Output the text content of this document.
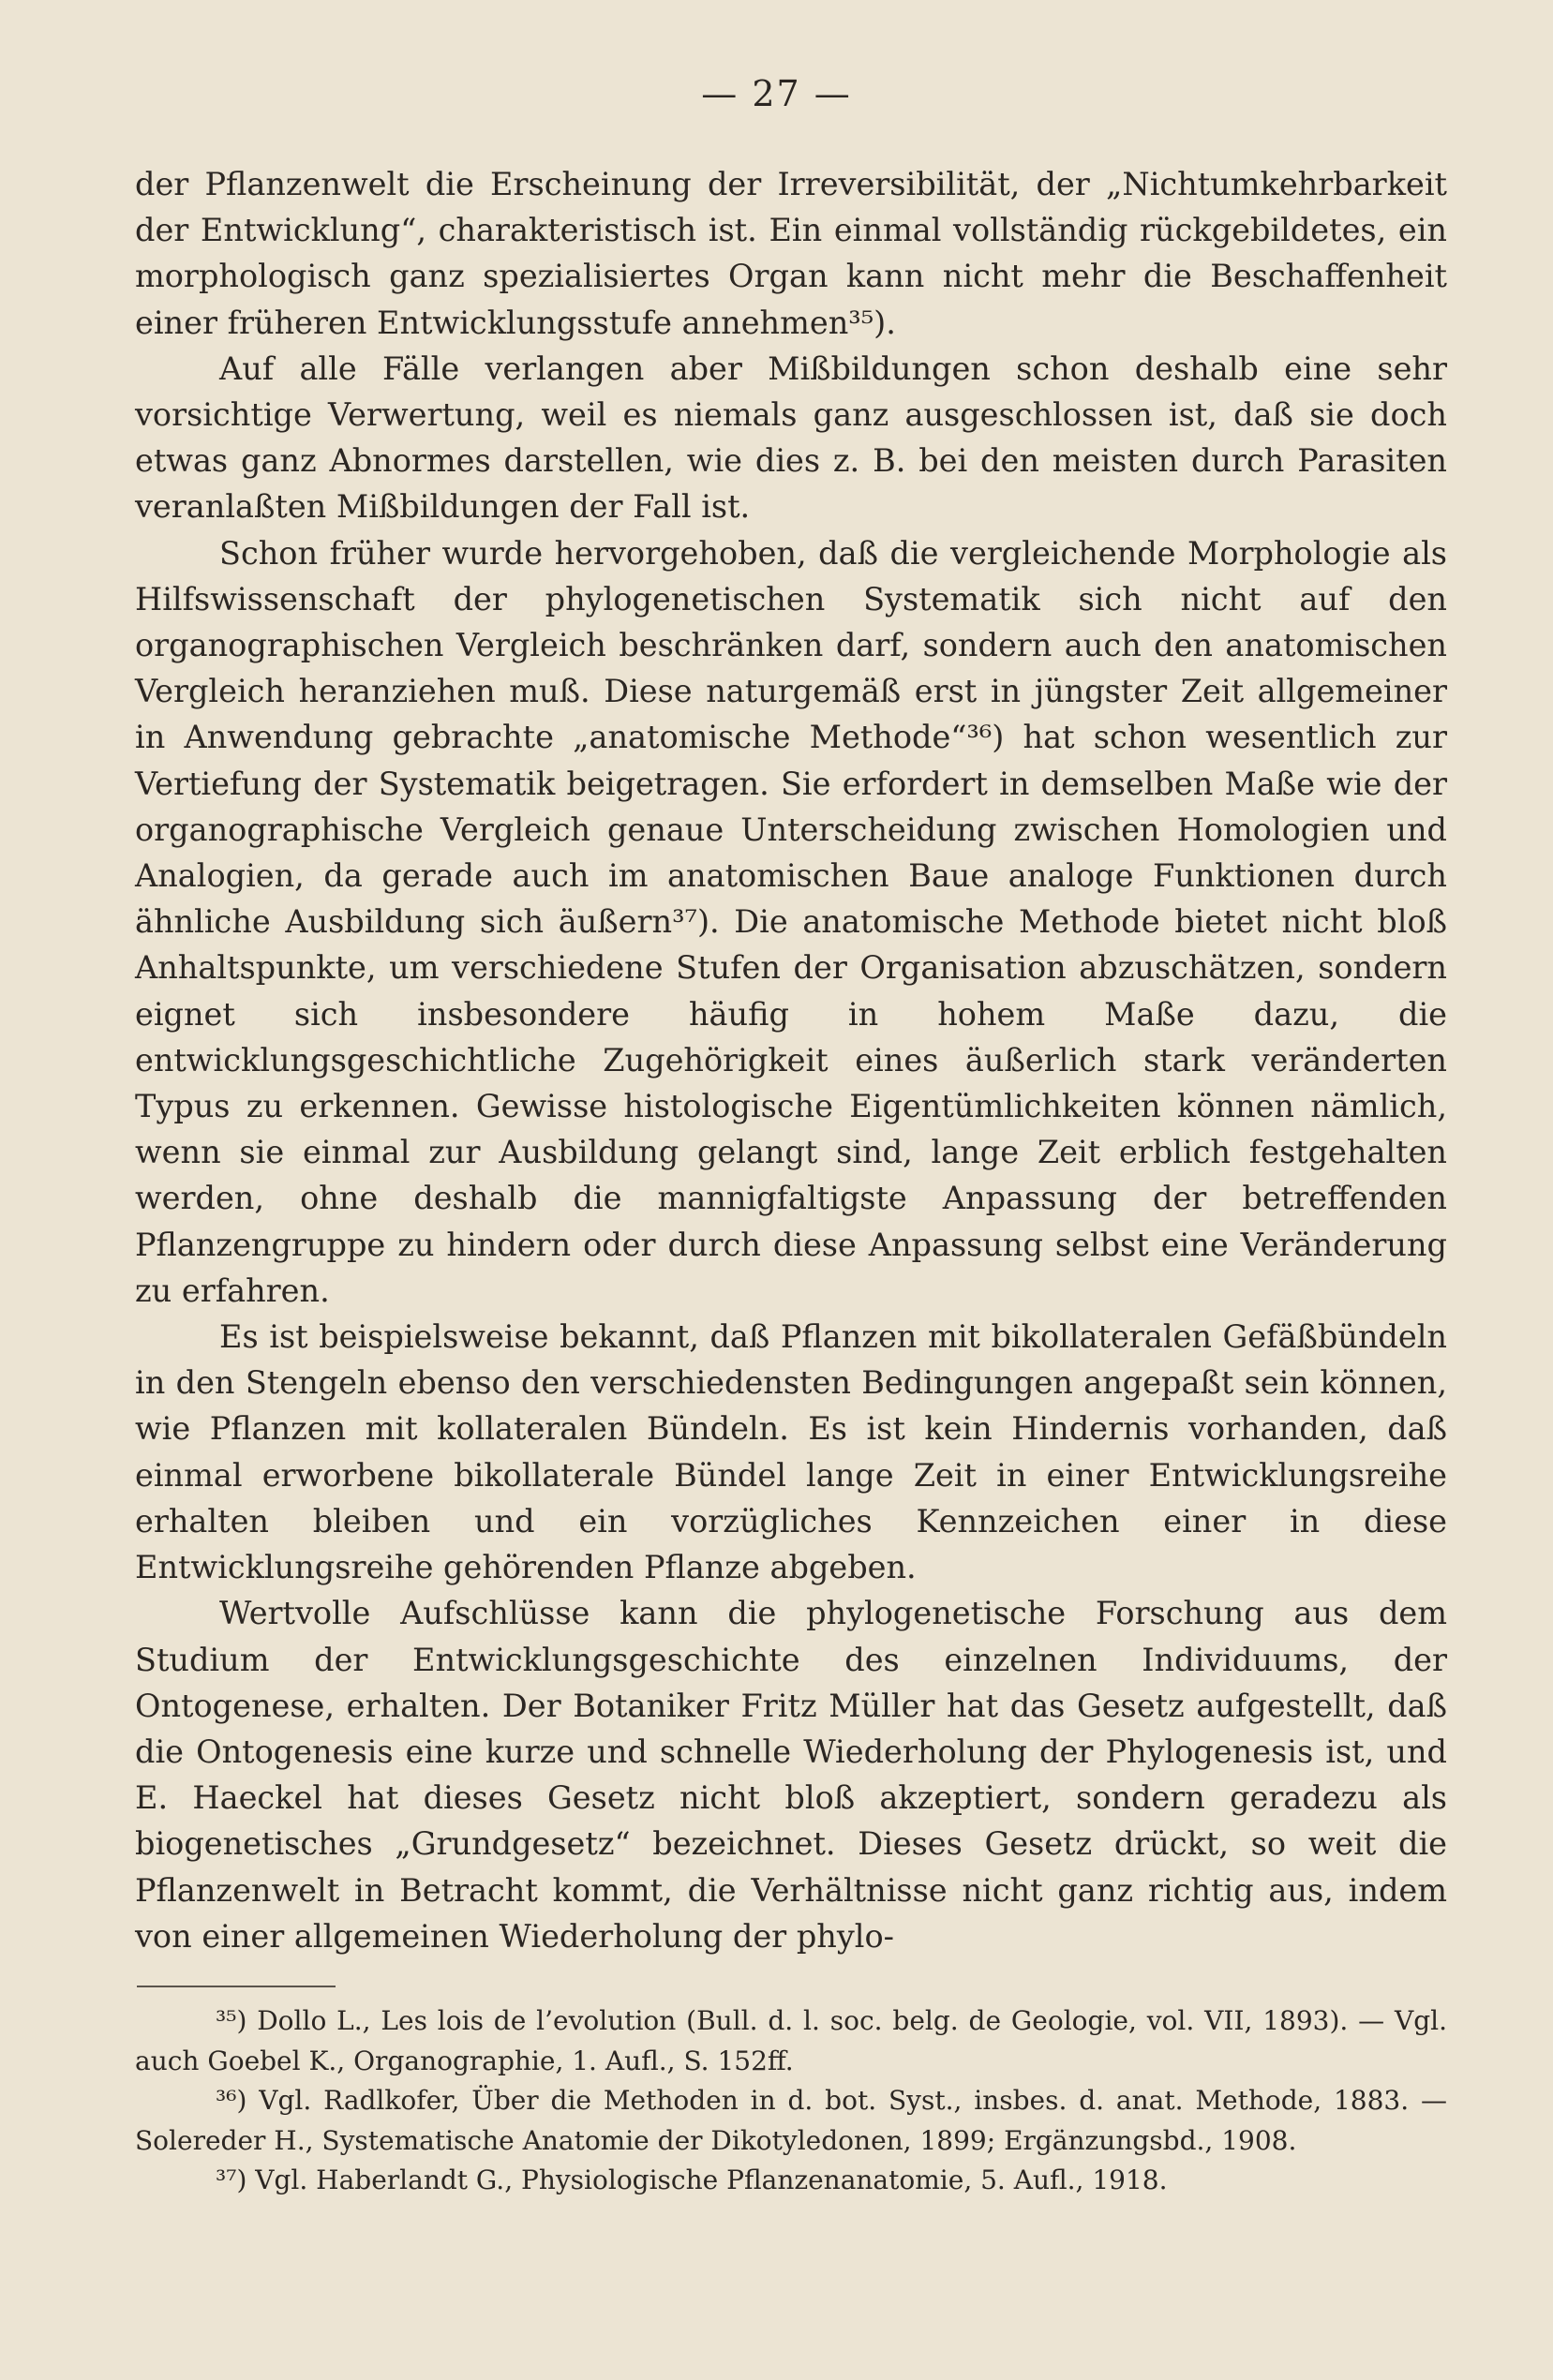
— 27 —

der Pflanzenwelt die Erscheinung der Irreversibilität, der „Nichtumkehrbarkeit der Entwicklung“, charakteristisch ist. Ein einmal vollständig rückgebildetes, ein morphologisch ganz spezialisiertes Organ kann nicht mehr die Beschaffenheit einer früheren Entwicklungsstufe annehmen³⁵).

Auf alle Fälle verlangen aber Mißbildungen schon deshalb eine sehr vorsichtige Verwertung, weil es niemals ganz ausgeschlossen ist, daß sie doch etwas ganz Abnormes darstellen, wie dies z. B. bei den meisten durch Parasiten veranlaßten Mißbildungen der Fall ist.

Schon früher wurde hervorgehoben, daß die vergleichende Morphologie als Hilfswissenschaft der phylogenetischen Systematik sich nicht auf den organographischen Vergleich beschränken darf, sondern auch den anatomischen Vergleich heranziehen muß. Diese naturgemäß erst in jüngster Zeit allgemeiner in Anwendung gebrachte „anatomische Methode“³⁶) hat schon wesentlich zur Vertiefung der Systematik beigetragen. Sie erfordert in demselben Maße wie der organographische Vergleich genaue Unterscheidung zwischen Homologien und Analogien, da gerade auch im anatomischen Baue analoge Funktionen durch ähnliche Ausbildung sich äußern³⁷). Die anatomische Methode bietet nicht bloß Anhaltspunkte, um verschiedene Stufen der Organisation abzuschätzen, sondern eignet sich insbesondere häufig in hohem Maße dazu, die entwicklungsgeschichtliche Zugehörigkeit eines äußerlich stark veränderten Typus zu erkennen. Gewisse histologische Eigentümlichkeiten können nämlich, wenn sie einmal zur Ausbildung gelangt sind, lange Zeit erblich festgehalten werden, ohne deshalb die mannigfaltigste Anpassung der betreffenden Pflanzengruppe zu hindern oder durch diese Anpassung selbst eine Veränderung zu erfahren.

Es ist beispielsweise bekannt, daß Pflanzen mit bikollateralen Gefäßbündeln in den Stengeln ebenso den verschiedensten Bedingungen angepaßt sein können, wie Pflanzen mit kollateralen Bündeln. Es ist kein Hindernis vorhanden, daß einmal erworbene bikollaterale Bündel lange Zeit in einer Entwicklungsreihe erhalten bleiben und ein vorzügliches Kennzeichen einer in diese Entwicklungsreihe gehörenden Pflanze abgeben.

Wertvolle Aufschlüsse kann die phylogenetische Forschung aus dem Studium der Entwicklungsgeschichte des einzelnen Individuums, der Ontogenese, erhalten. Der Botaniker Fritz Müller hat das Gesetz aufgestellt, daß die Ontogenesis eine kurze und schnelle Wiederholung der Phylogenesis ist, und E. Haeckel hat dieses Gesetz nicht bloß akzeptiert, sondern geradezu als biogenetisches „Grundgesetz“ bezeichnet. Dieses Gesetz drückt, so weit die Pflanzenwelt in Betracht kommt, die Verhältnisse nicht ganz richtig aus, indem von einer allgemeinen Wiederholung der phylo-

³⁵) Dollo L., Les lois de l’evolution (Bull. d. l. soc. belg. de Geologie, vol. VII, 1893). — Vgl. auch Goebel K., Organographie, 1. Aufl., S. 152ff.

³⁶) Vgl. Radlkofer, Über die Methoden in d. bot. Syst., insbes. d. anat. Methode, 1883. — Solereder H., Systematische Anatomie der Dikotyledonen, 1899; Ergänzungsbd., 1908.

³⁷) Vgl. Haberlandt G., Physiologische Pflanzenanatomie, 5. Aufl., 1918.
